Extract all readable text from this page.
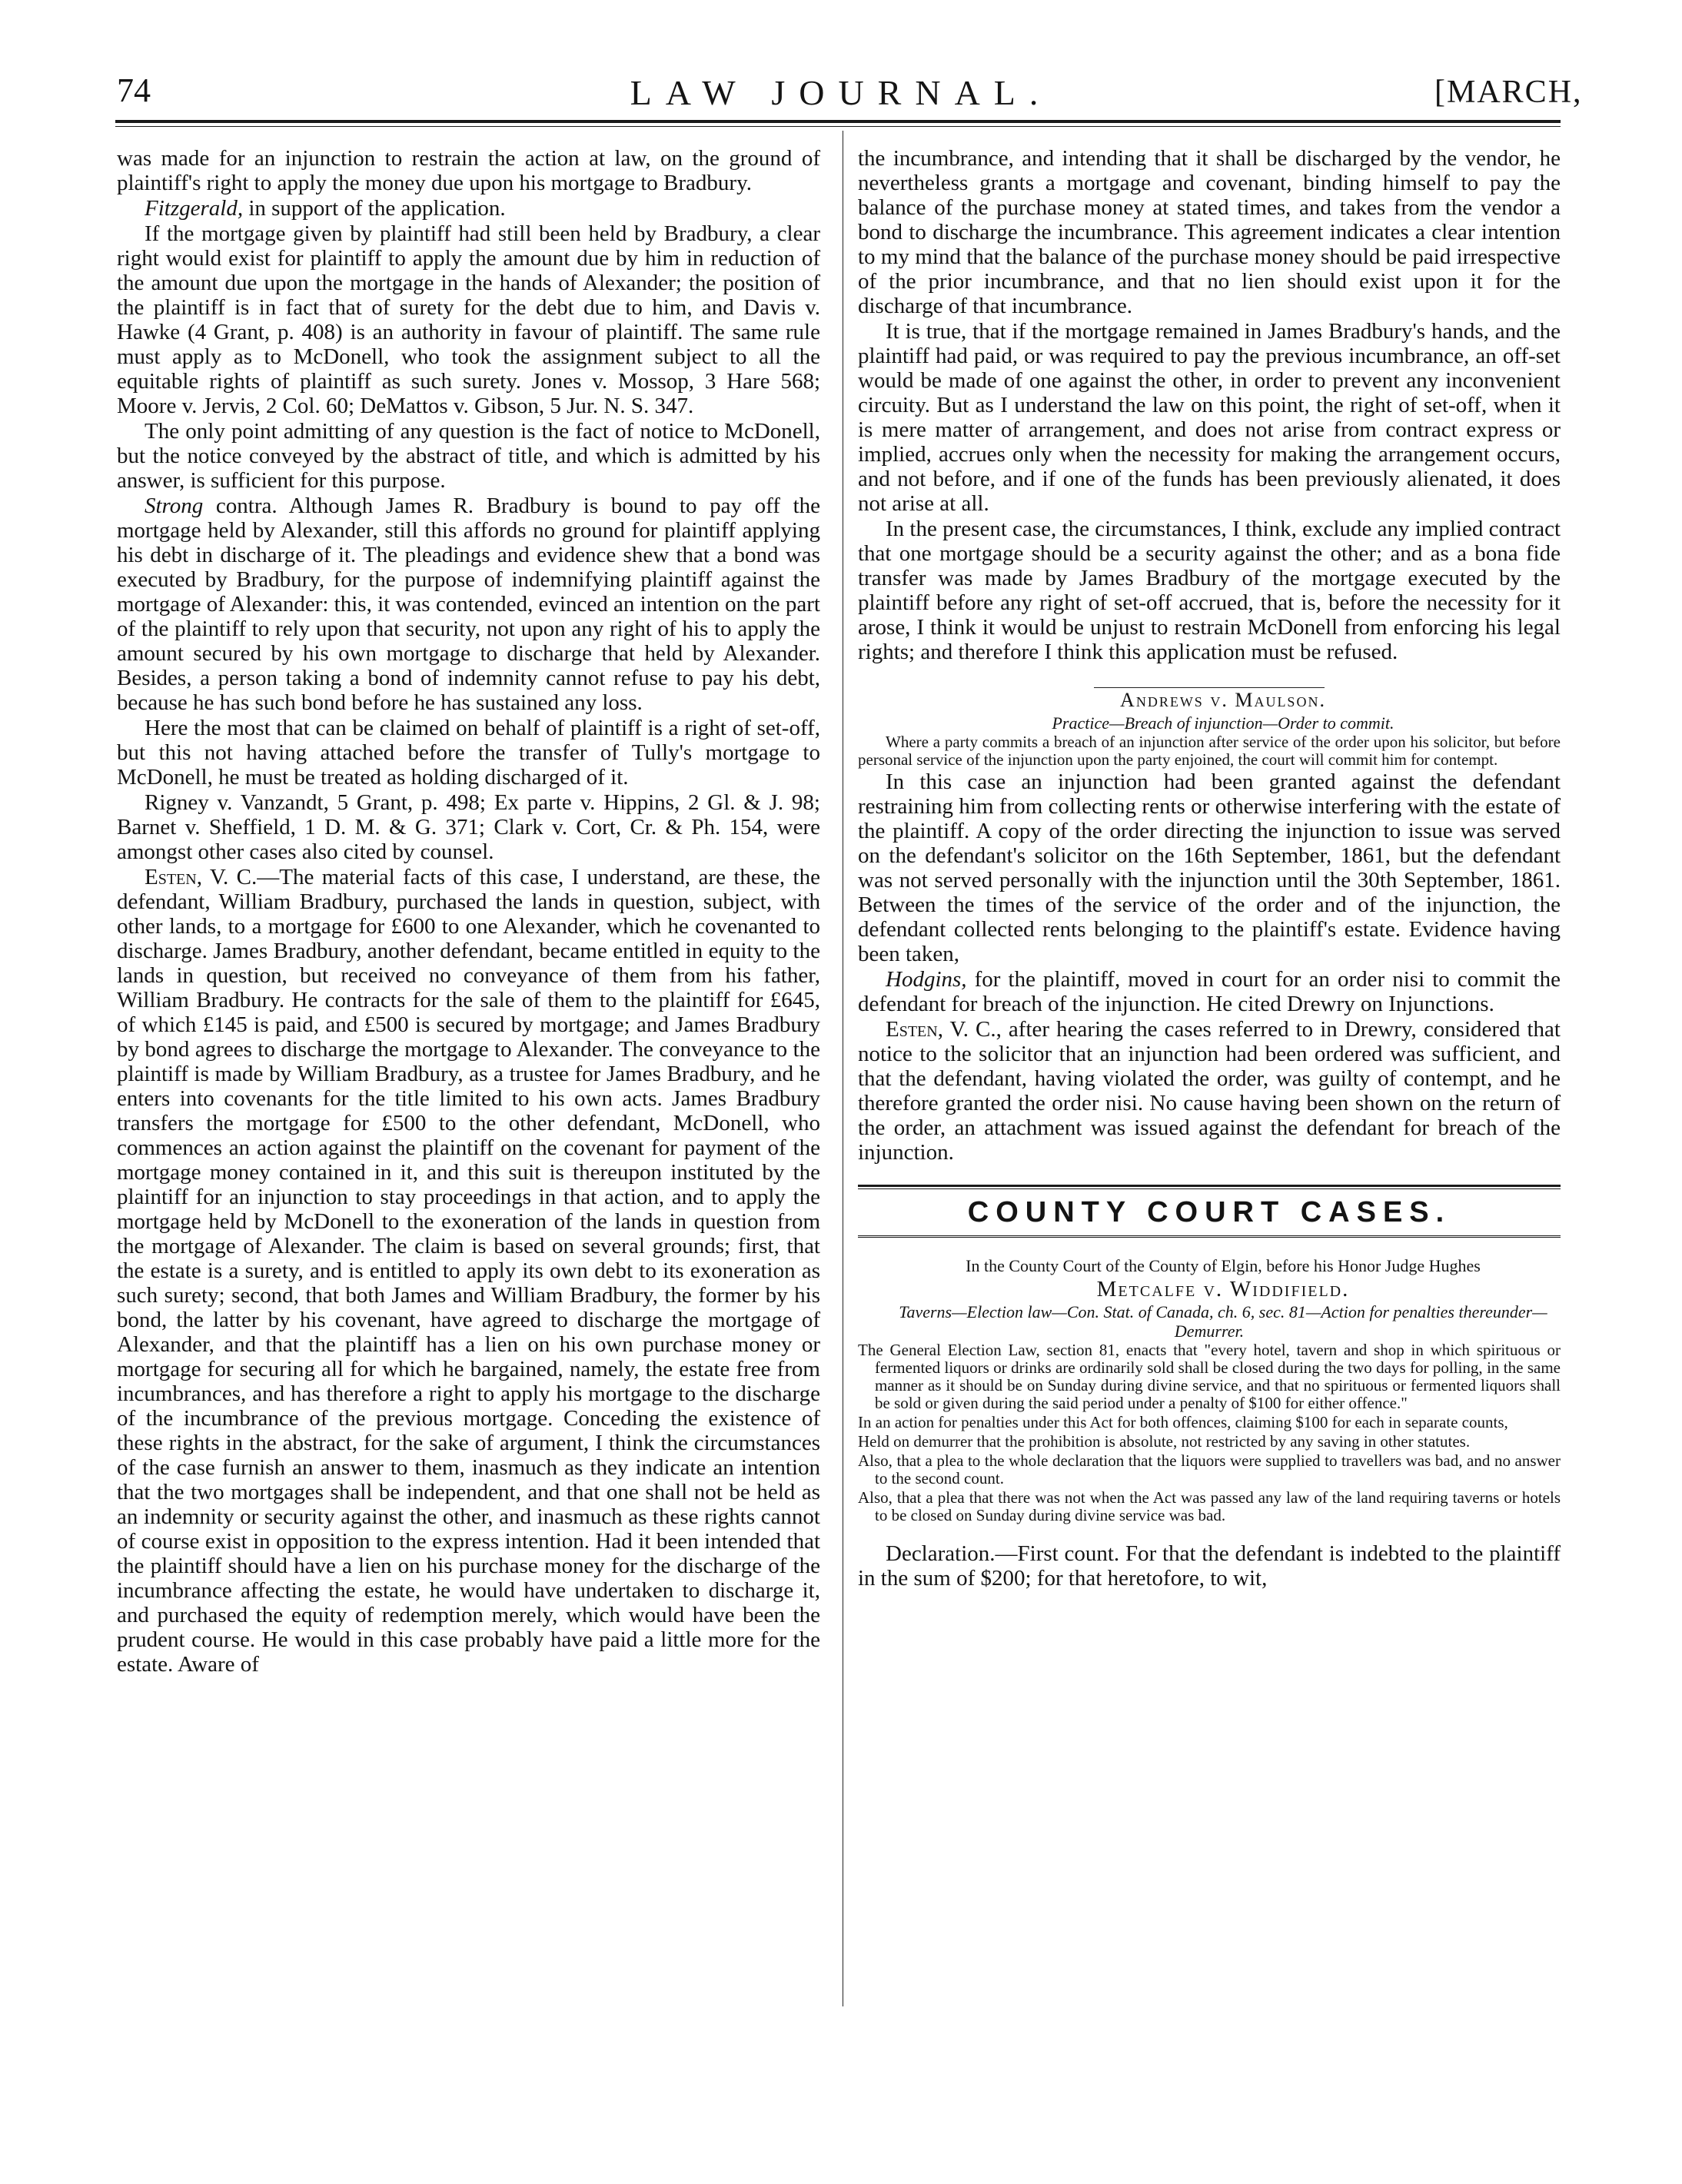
74	LAW JOURNAL.	[MARCH,

was made for an injunction to restrain the action at law, on the ground of plaintiff's right to apply the money due upon his mortgage to Bradbury.

Fitzgerald, in support of the application.

If the mortgage given by plaintiff had still been held by Bradbury, a clear right would exist for plaintiff to apply the amount due by him in reduction of the amount due upon the mortgage in the hands of Alexander; the position of the plaintiff is in fact that of surety for the debt due to him, and Davis v. Hawke (4 Grant, p. 408) is an authority in favour of plaintiff. The same rule must apply as to McDonell, who took the assignment subject to all the equitable rights of plaintiff as such surety. Jones v. Mossop, 3 Hare 568; Moore v. Jervis, 2 Col. 60; DeMattos v. Gibson, 5 Jur. N. S. 347.

The only point admitting of any question is the fact of notice to McDonell, but the notice conveyed by the abstract of title, and which is admitted by his answer, is sufficient for this purpose.

Strong contra. Although James R. Bradbury is bound to pay off the mortgage held by Alexander, still this affords no ground for plaintiff applying his debt in discharge of it. The pleadings and evidence shew that a bond was executed by Bradbury, for the purpose of indemnifying plaintiff against the mortgage of Alexander: this, it was contended, evinced an intention on the part of the plaintiff to rely upon that security, not upon any right of his to apply the amount secured by his own mortgage to discharge that held by Alexander. Besides, a person taking a bond of indemnity cannot refuse to pay his debt, because he has such bond before he has sustained any loss.

Here the most that can be claimed on behalf of plaintiff is a right of set-off, but this not having attached before the transfer of Tully's mortgage to McDonell, he must be treated as holding discharged of it.

Rigney v. Vanzandt, 5 Grant, p. 498; Ex parte v. Hippins, 2 Gl. & J. 98; Barnet v. Sheffield, 1 D. M. & G. 371; Clark v. Cort, Cr. & Ph. 154, were amongst other cases also cited by counsel.

Esten, V. C.—The material facts of this case, I understand, are these, the defendant, William Bradbury, purchased the lands in question, subject, with other lands, to a mortgage for £600 to one Alexander, which he covenanted to discharge. James Bradbury, another defendant, became entitled in equity to the lands in question, but received no conveyance of them from his father, William Bradbury. He contracts for the sale of them to the plaintiff for £645, of which £145 is paid, and £500 is secured by mortgage; and James Bradbury by bond agrees to discharge the mortgage to Alexander. The conveyance to the plaintiff is made by William Bradbury, as a trustee for James Bradbury, and he enters into covenants for the title limited to his own acts. James Bradbury transfers the mortgage for £500 to the other defendant, McDonell, who commences an action against the plaintiff on the covenant for payment of the mortgage money contained in it, and this suit is thereupon instituted by the plaintiff for an injunction to stay proceedings in that action, and to apply the mortgage held by McDonell to the exoneration of the lands in question from the mortgage of Alexander. The claim is based on several grounds; first, that the estate is a surety, and is entitled to apply its own debt to its exoneration as such surety; second, that both James and William Bradbury, the former by his bond, the latter by his covenant, have agreed to discharge the mortgage of Alexander, and that the plaintiff has a lien on his own purchase money or mortgage for securing all for which he bargained, namely, the estate free from incumbrances, and has therefore a right to apply his mortgage to the discharge of the incumbrance of the previous mortgage. Conceding the existence of these rights in the abstract, for the sake of argument, I think the circumstances of the case furnish an answer to them, inasmuch as they indicate an intention that the two mortgages shall be independent, and that one shall not be held as an indemnity or security against the other, and inasmuch as these rights cannot of course exist in opposition to the express intention. Had it been intended that the plaintiff should have a lien on his purchase money for the discharge of the incumbrance affecting the estate, he would have undertaken to discharge it, and purchased the equity of redemption merely, which would have been the prudent course. He would in this case probably have paid a little more for the estate. Aware of

the incumbrance, and intending that it shall be discharged by the vendor, he nevertheless grants a mortgage and covenant, binding himself to pay the balance of the purchase money at stated times, and takes from the vendor a bond to discharge the incumbrance. This agreement indicates a clear intention to my mind that the balance of the purchase money should be paid irrespective of the prior incumbrance, and that no lien should exist upon it for the discharge of that incumbrance.

It is true, that if the mortgage remained in James Bradbury's hands, and the plaintiff had paid, or was required to pay the previous incumbrance, an off-set would be made of one against the other, in order to prevent any inconvenient circuity. But as I understand the law on this point, the right of set-off, when it is mere matter of arrangement, and does not arise from contract express or implied, accrues only when the necessity for making the arrangement occurs, and not before, and if one of the funds has been previously alienated, it does not arise at all.

In the present case, the circumstances, I think, exclude any implied contract that one mortgage should be a security against the other; and as a bona fide transfer was made by James Bradbury of the mortgage executed by the plaintiff before any right of set-off accrued, that is, before the necessity for it arose, I think it would be unjust to restrain McDonell from enforcing his legal rights; and therefore I think this application must be refused.

Andrews v. Maulson.

Practice—Breach of injunction—Order to commit.

Where a party commits a breach of an injunction after service of the order upon his solicitor, but before personal service of the injunction upon the party enjoined, the court will commit him for contempt.

In this case an injunction had been granted against the defendant restraining him from collecting rents or otherwise interfering with the estate of the plaintiff. A copy of the order directing the injunction to issue was served on the defendant's solicitor on the 16th September, 1861, but the defendant was not served personally with the injunction until the 30th September, 1861. Between the times of the service of the order and of the injunction, the defendant collected rents belonging to the plaintiff's estate. Evidence having been taken,

Hodgins, for the plaintiff, moved in court for an order nisi to commit the defendant for breach of the injunction. He cited Drewry on Injunctions.

Esten, V. C., after hearing the cases referred to in Drewry, considered that notice to the solicitor that an injunction had been ordered was sufficient, and that the defendant, having violated the order, was guilty of contempt, and he therefore granted the order nisi. No cause having been shown on the return of the order, an attachment was issued against the defendant for breach of the injunction.

COUNTY COURT CASES.

In the County Court of the County of Elgin, before his Honor Judge Hughes

Metcalfe v. Widdifield.

Taverns—Election law—Con. Stat. of Canada, ch. 6, sec. 81—Action for penalties thereunder—Demurrer.

The General Election Law, section 81, enacts that "every hotel, tavern and shop in which spirituous or fermented liquors or drinks are ordinarily sold shall be closed during the two days for polling, in the same manner as it should be on Sunday during divine service, and that no spirituous or fermented liquors shall be sold or given during the said period under a penalty of $100 for either offence."

In an action for penalties under this Act for both offences, claiming $100 for each in separate counts,

Held on demurrer that the prohibition is absolute, not restricted by any saving in other statutes.

Also, that a plea to the whole declaration that the liquors were supplied to travellers was bad, and no answer to the second count.

Also, that a plea that there was not when the Act was passed any law of the land requiring taverns or hotels to be closed on Sunday during divine service was bad.

Declaration.—First count. For that the defendant is indebted to the plaintiff in the sum of $200; for that heretofore, to wit,
